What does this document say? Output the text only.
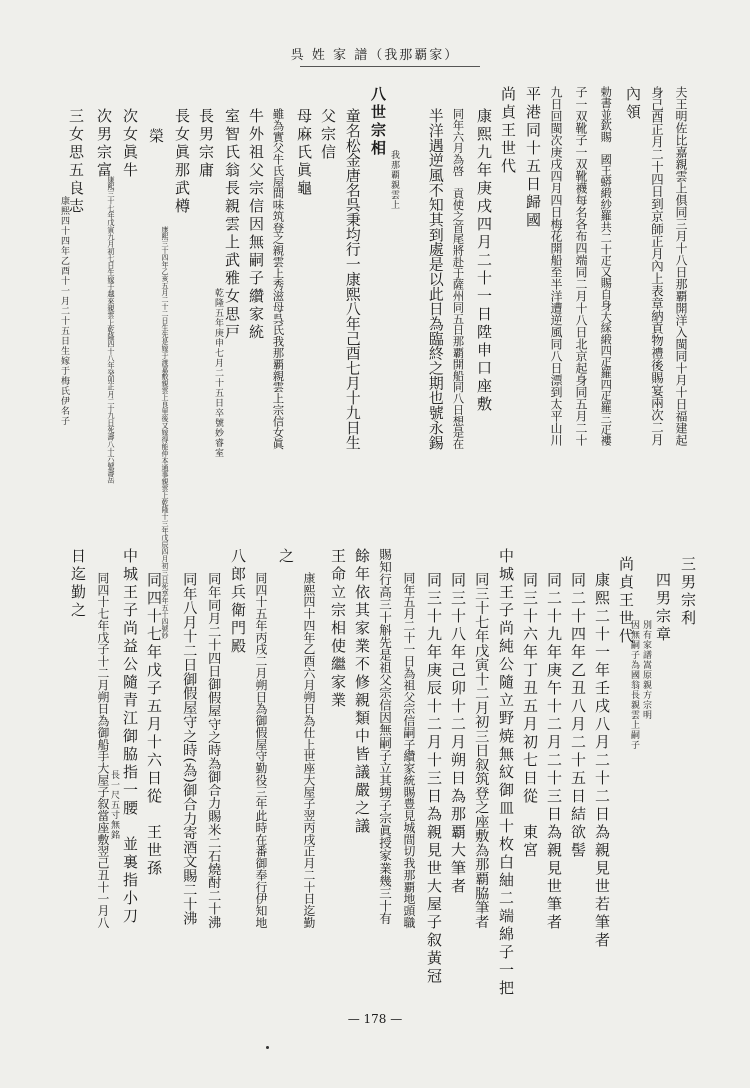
呉 姓 家 譜（我那覇家）
夫王明佐比嘉親雲上俱同三月十八日那覇開洋入閩同十月十日福建起
身己酉正月二十四日到京師正月內上表章納貢物禮後賜宴兩次二月
內領
勅書並欽賜　國王蟒緞紗羅共二十疋又賜自身大綵緞四疋羅四疋羅三疋褸
子一双靴子一双靴襪每名各布四端同二月十八日北京起身同五月二十
九日回閩次庚戌四月四日梅花開船至半洋遭逆風同八日漂到太平山川
平港同十五日歸國
尚貞王世代
康熙九年庚戌四月二十一日陞申口座敷
同年六月為啓　貢使之首尾將赴于薩州同五日那覇開船同八日想是在
半洋遇逆風不知其到處是以此日為臨終之期也號永錫
八世宗相
我那覇親雲上
童名松金唐名呉秉均行一康熙八年己酉七月十九日生
父宗信
母麻氏眞龜
雖為實父牛氏屋間味筑登之親雲上秀滋母呉氏我那覇親雲上宗信女眞
牛外祖父宗信因無嗣子纘家統
室智氏翁長親雲上武雅女思戸
乾隆五年庚申七月二十五日卒號妙睿室
長男宗庸
長女眞那武樽
康熙三十四年乙亥五月二十二日生先是嫁于渡嘉敷親雲上良里後又嫁得能仲本通事親雲上乾隆十三年戊辰四月初三日死享年五十四號妙
榮
次女眞牛
康熙三十七年戊寅九月初七日生嫁于越來親雲上乾隆四十八年癸卯正月二十九日死壽八十六號壽岳
次男宗富
三女思五良志
康熙四十四年乙酉十一月二十五日生嫁于梅氏伊名子
三男宗利
四男宗章
別有家譜嵩原親方宗明
因無嗣子為國翁長親雲上嗣子
尚貞王世代
康熙二十一年壬戌八月二十二日為親見世若筆者
同二十四年乙丑八月二十五日結欲髻
同二十九年庚午十二月二十三日為親見世筆者
同三十六年丁丑五月初七日從　東宮
中城王子尚純公隨立野焼無紋御皿十枚白紬二端綿子一把
同三十七年戊寅十二月初三日叙筑登之座敷為那覇脇筆者
同三十八年己卯十二月朔日為那覇大筆者
同三十九年庚辰十二月十三日為親見世大屋子叙黃冠
同年五月二十一日為祖父宗信嗣子纘家統賜豊見城間切我那覇地頭職
賜知行高三十斛先是祖父宗信因無嗣子立其甥子宗眞授家業幾三十有
餘年依其家業不修親類中皆議嚴之議
王命立宗相使繼家業
康熙四十四年乙酉六月朔日為仕上世座大屋子翌丙戌正月二十日迄勤
之
同四十五年丙戌二月朔日為御假屋守勤役三年此時在番御奉行伊知地
八郎兵衛門殿
同年同月二十四日御假屋守之時為御合力賜米二石燒酎二十沸
同年八月十二日御假屋守之時(為)御合力寄酒文賜二十沸
同四十七年戊子五月十六日從　王世孫
中城王子尚益公隨青江御脇指一腰　並裏指小刀
長一尺五寸無銘
同四十七年戊子十二月朔日為御船手大屋子叙當座敷翌己丑十一月八
日迄勤之
— 178 —
